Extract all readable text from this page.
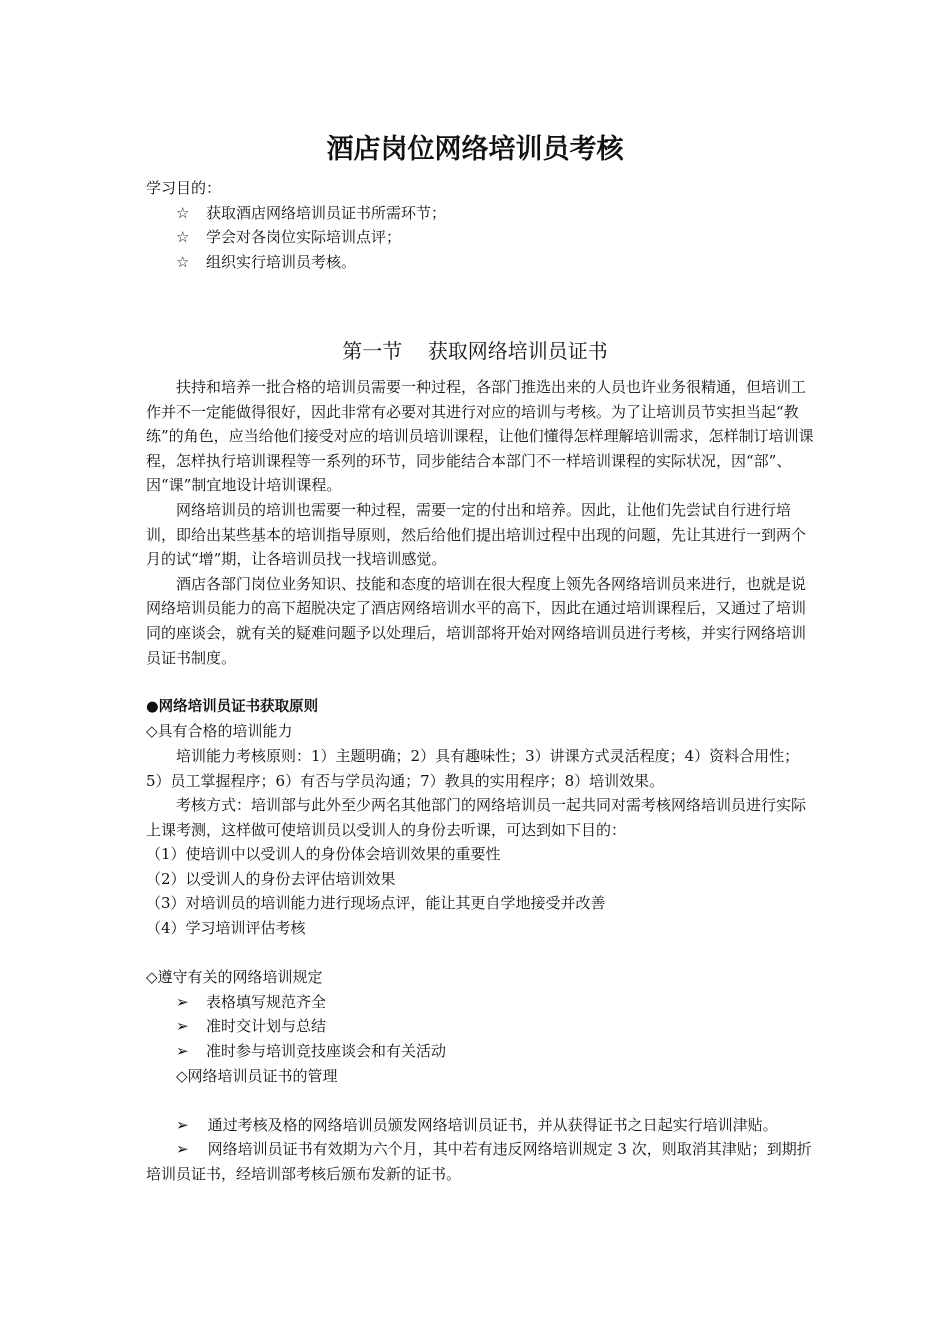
酒店岗位网络培训员考核

学习目的：

☆	获取酒店网络培训员证书所需环节；
☆	学会对各岗位实际培训点评；
☆	组织实行培训员考核。
第一节    获取网络培训员证书

扶持和培养一批合格的培训员需要一种过程，各部门推选出来的人员也许业务很精通，但培训工作并不一定能做得很好，因此非常有必要对其进行对应的培训与考核。为了让培训员节实担当起“教练”的角色，应当给他们接受对应的培训员培训课程，让他们懂得怎样理解培训需求，怎样制订培训课程，怎样执行培训课程等一系列的环节，同步能结合本部门不一样培训课程的实际状况，因“部”、因“课”制宜地设计培训课程。

网络培训员的培训也需要一种过程，需要一定的付出和培养。因此，让他们先尝试自行进行培训，即给出某些基本的培训指导原则，然后给他们提出培训过程中出现的问题，先让其进行一到两个月的试“增”期，让各培训员找一找培训感觉。

酒店各部门岗位业务知识、技能和态度的培训在很大程度上领先各网络培训员来进行，也就是说网络培训员能力的高下超脱决定了酒店网络培训水平的高下，因此在通过培训课程后，又通过了培训同的座谈会，就有关的疑难问题予以处理后，培训部将开始对网络培训员进行考核，并实行网络培训员证书制度。

●网络培训员证书获取原则

◇具有合格的培训能力

培训能力考核原则：1）主题明确；2）具有趣味性；3）讲课方式灵活程度；4）资料合用性；5）员工掌握程序；6）有否与学员沟通；7）教具的实用程序；8）培训效果。

考核方式：培训部与此外至少两名其他部门的网络培训员一起共同对需考核网络培训员进行实际上课考测，这样做可使培训员以受训人的身份去听课，可达到如下目的：

（1）使培训中以受训人的身份体会培训效果的重要性

（2）以受训人的身份去评估培训效果

（3）对培训员的培训能力进行现场点评，能让其更自学地接受并改善

（4）学习培训评估考核

◇遵守有关的网络培训规定

➢	表格填写规范齐全
➢	准时交计划与总结
➢	准时参与培训竞技座谈会和有关活动

◇网络培训员证书的管理

➢ 通过考核及格的网络培训员颁发网络培训员证书，并从获得证书之日起实行培训津贴。

➢ 网络培训员证书有效期为六个月，其中若有违反网络培训规定 3 次，则取消其津贴；到期折培训员证书，经培训部考核后颁布发新的证书。
